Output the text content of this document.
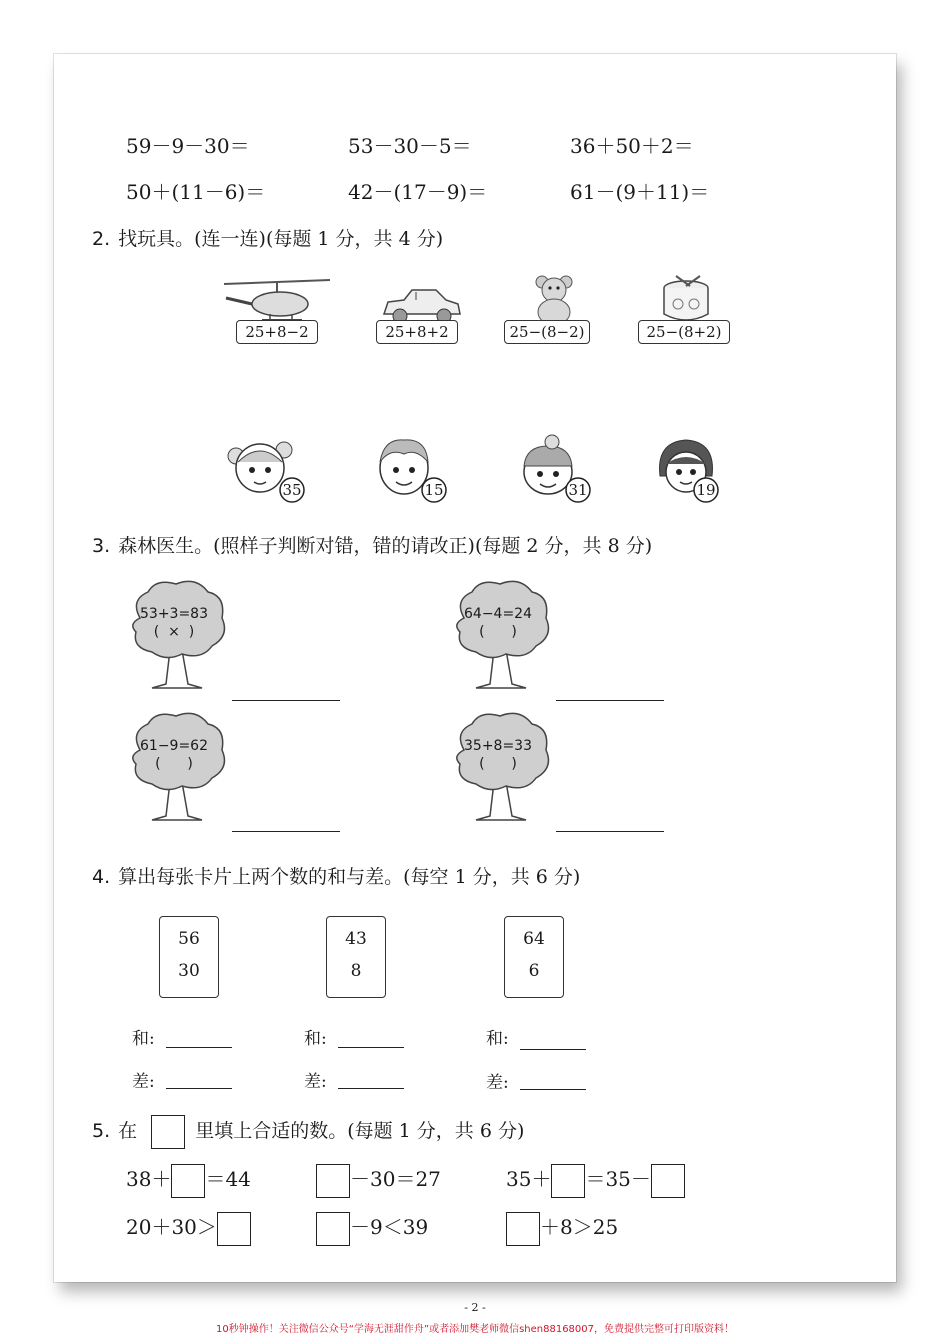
59－9－30＝	53－30－5＝	36＋50＋2＝
50＋(11－6)＝	42－(17－9)＝	61－(9＋11)＝
2. 找玩具。(连一连)(每题 1 分，共 4 分)
25+8−2	25+8+2	25−(8−2)	25−(8+2)
35	15	31	19
3. 森林医生。(照样子判断对错，错的请改正)(每题 2 分，共 8 分)
53+3=83
(  ×  )
64−4=24
(      )
61−9=62
(      )
35+8=33
(      )
4. 算出每张卡片上两个数的和与差。(每空 1 分，共 6 分)
56
30
43
8
64
6
和:	和:	和:
差:	差:	差:
5. 在	里填上合适的数。(每题 1 分，共 6 分)
38＋ ＝44	－30＝27	35＋ ＝35－
20＋30＞	－9＜39	＋8＞25
- 2 -
10秒钟操作！关注微信公众号“学海无涯甜作舟”或者添加樊老师微信shen88168007，免费提供完整可打印版资料！
